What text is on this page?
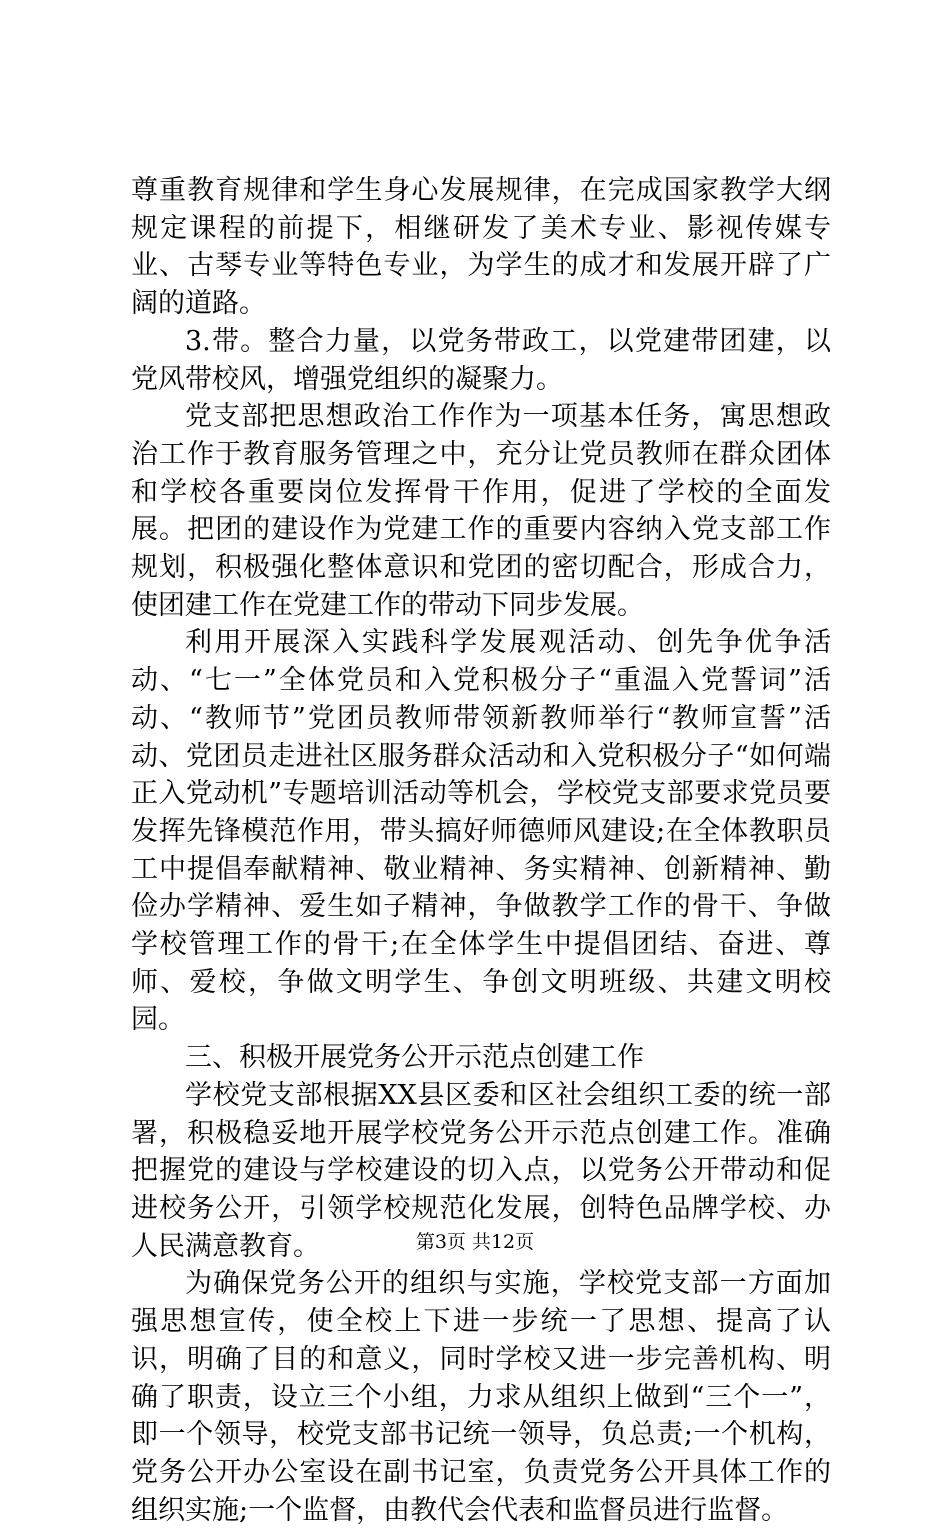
尊重教育规律和学生身心发展规律，在完成国家教学大纲规定课程的前提下，相继研发了美术专业、影视传媒专业、古琴专业等特色专业，为学生的成才和发展开辟了广阔的道路。

3.带。整合力量，以党务带政工，以党建带团建，以党风带校风，增强党组织的凝聚力。

党支部把思想政治工作作为一项基本任务，寓思想政治工作于教育服务管理之中，充分让党员教师在群众团体和学校各重要岗位发挥骨干作用，促进了学校的全面发展。把团的建设作为党建工作的重要内容纳入党支部工作规划，积极强化整体意识和党团的密切配合，形成合力，使团建工作在党建工作的带动下同步发展。

利用开展深入实践科学发展观活动、创先争优争活动、“七一”全体党员和入党积极分子“重温入党誓词”活动、“教师节”党团员教师带领新教师举行“教师宣誓”活动、党团员走进社区服务群众活动和入党积极分子“如何端正入党动机”专题培训活动等机会，学校党支部要求党员要发挥先锋模范作用，带头搞好师德师风建设;在全体教职员工中提倡奉献精神、敬业精神、务实精神、创新精神、勤俭办学精神、爱生如子精神，争做教学工作的骨干、争做学校管理工作的骨干;在全体学生中提倡团结、奋进、尊师、爱校，争做文明学生、争创文明班级、共建文明校园。

三、积极开展党务公开示范点创建工作

学校党支部根据XX县区委和区社会组织工委的统一部署，积极稳妥地开展学校党务公开示范点创建工作。准确把握党的建设与学校建设的切入点，以党务公开带动和促进校务公开，引领学校规范化发展，创特色品牌学校、办人民满意教育。

为确保党务公开的组织与实施，学校党支部一方面加强思想宣传，使全校上下进一步统一了思想、提高了认识，明确了目的和意义，同时学校又进一步完善机构、明确了职责，设立三个小组，力求从组织上做到“三个一”，即一个领导，校党支部书记统一领导，负总责;一个机构，党务公开办公室设在副书记室，负责党务公开具体工作的组织实施;一个监督，由教代会代表和监督员进行监督。

第3页 共12页
